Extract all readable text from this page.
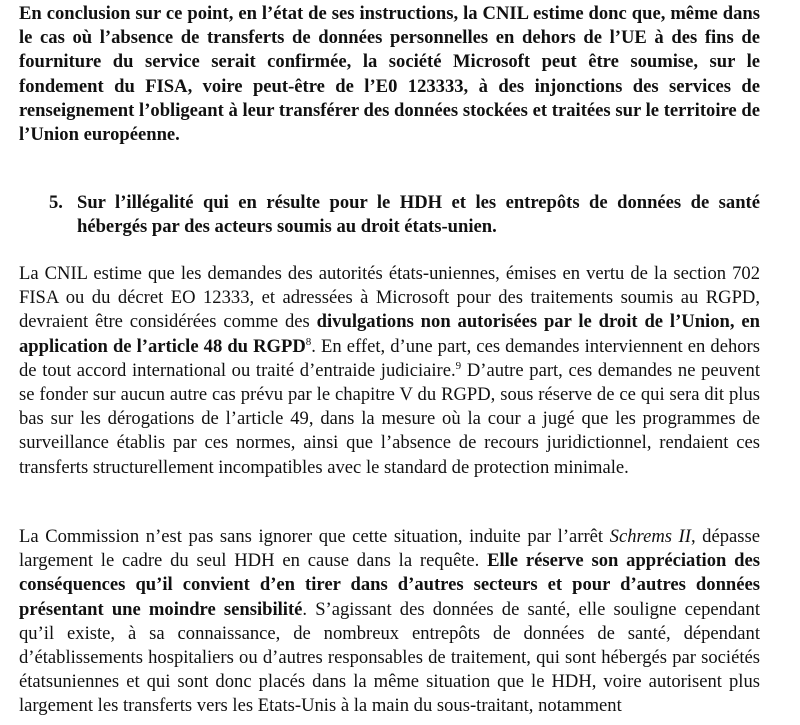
En conclusion sur ce point, en l’état de ses instructions, la CNIL estime donc que, même dans le cas où l’absence de transferts de données personnelles en dehors de l’UE à des fins de fourniture du service serait confirmée, la société Microsoft peut être soumise, sur le fondement du FISA, voire peut-être de l’E0 123333, à des injonctions des services de renseignement l’obligeant à leur transférer des données stockées et traitées sur le territoire de l’Union européenne.

5. Sur l’illégalité qui en résulte pour le HDH et les entrepôts de données de santé hébergés par des acteurs soumis au droit états-unien.

La CNIL estime que les demandes des autorités états-uniennes, émises en vertu de la section 702 FISA ou du décret EO 12333, et adressées à Microsoft pour des traitements soumis au RGPD, devraient être considérées comme des divulgations non autorisées par le droit de l’Union, en application de l’article 48 du RGPD$^8$. En effet, d’une part, ces demandes interviennent en dehors de tout accord international ou traité d’entraide judiciaire.$^9$ D’autre part, ces demandes ne peuvent se fonder sur aucun autre cas prévu par le chapitre V du RGPD, sous réserve de ce qui sera dit plus bas sur les dérogations de l’article 49, dans la mesure où la cour a jugé que les programmes de surveillance établis par ces normes, ainsi que l’absence de recours juridictionnel, rendaient ces transferts structurellement incompatibles avec le standard de protection minimale.

La Commission n’est pas sans ignorer que cette situation, induite par l’arrêt Schrems II, dépasse largement le cadre du seul HDH en cause dans la requête. Elle réserve son appréciation des conséquences qu’il convient d’en tirer dans d’autres secteurs et pour d’autres données présentant une moindre sensibilité. S’agissant des données de santé, elle souligne cependant qu’il existe, à sa connaissance, de nombreux entrepôts de données de santé, dépendant d’établissements hospitaliers ou d’autres responsables de traitement, qui sont hébergés par sociétés étatsuniennes et qui sont donc placés dans la même situation que le HDH, voire autorisent plus largement les transferts vers les Etats-Unis à la main du sous-traitant, notamment
